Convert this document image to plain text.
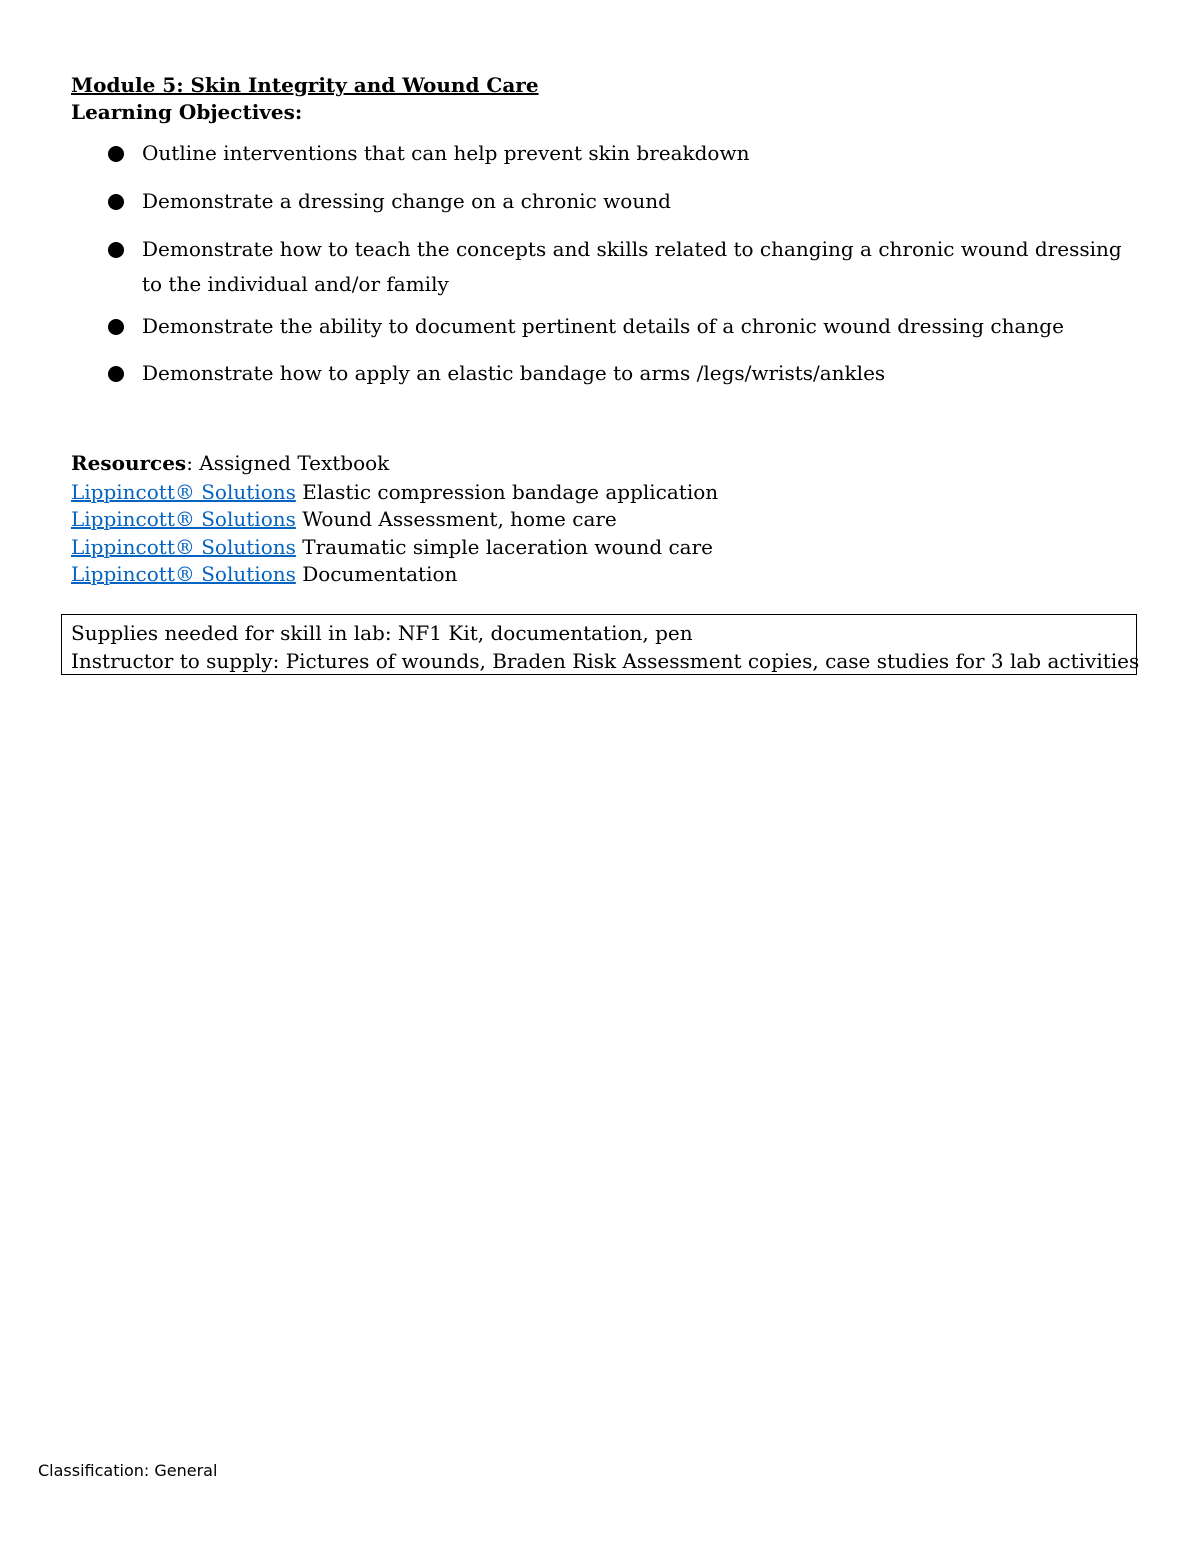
Module 5: Skin Integrity and Wound Care
Learning Objectives:
Outline interventions that can help prevent skin breakdown
Demonstrate a dressing change on a chronic wound
Demonstrate how to teach the concepts and skills related to changing a chronic wound dressing to the individual and/or family
Demonstrate the ability to document pertinent details of a chronic wound dressing change
Demonstrate how to apply an elastic bandage to arms /legs/wrists/ankles
Resources: Assigned Textbook
Lippincott® Solutions Elastic compression bandage application
Lippincott® Solutions Wound Assessment, home care
Lippincott® Solutions Traumatic simple laceration wound care
Lippincott® Solutions Documentation
Supplies needed for skill in lab: NF1 Kit, documentation, pen
Instructor to supply: Pictures of wounds, Braden Risk Assessment copies, case studies for 3 lab activities
Classification: General
